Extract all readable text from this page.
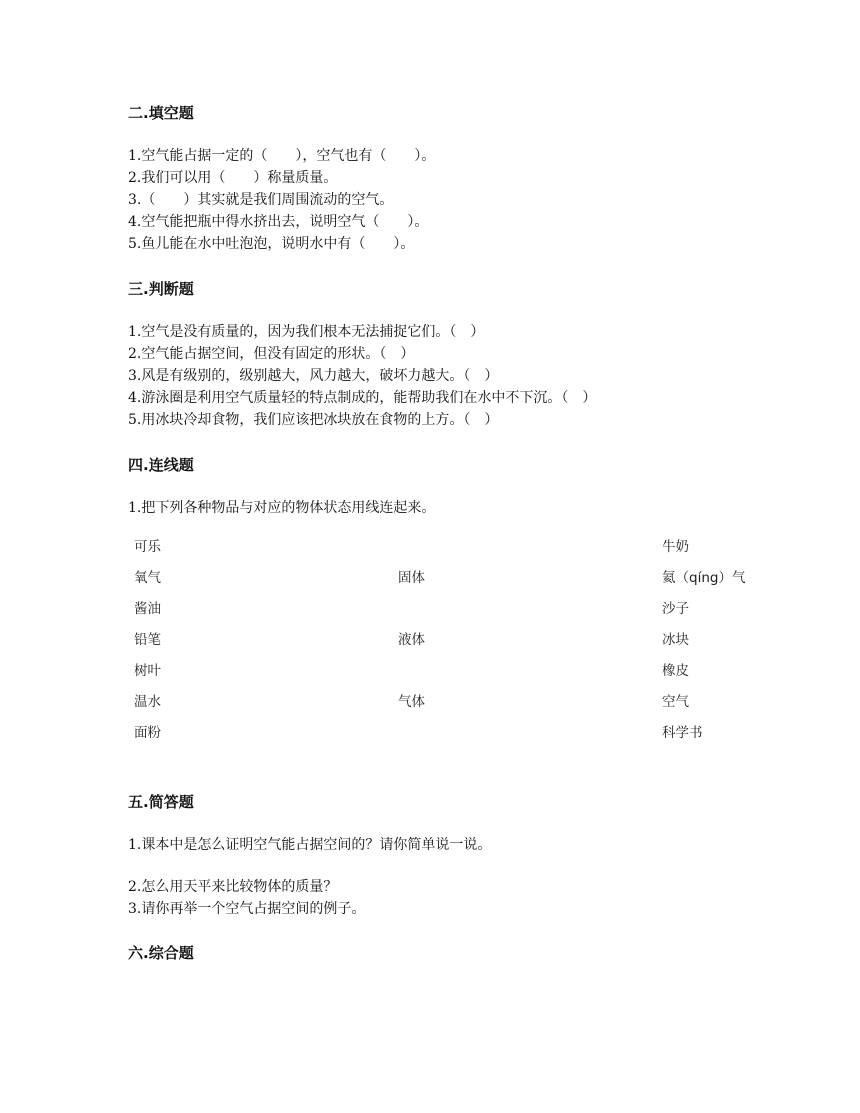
二.填空题
1.空气能占据一定的（　　），空气也有（　　）。
2.我们可以用（　　）称量质量。
3.（　　）其实就是我们周围流动的空气。
4.空气能把瓶中得水挤出去，说明空气（　　）。
5.鱼儿能在水中吐泡泡，说明水中有（　　）。
三.判断题
1.空气是没有质量的，因为我们根本无法捕捉它们。（　）
2.空气能占据空间，但没有固定的形状。（　）
3.风是有级别的，级别越大，风力越大，破坏力越大。（　）
4.游泳圈是利用空气质量轻的特点制成的，能帮助我们在水中不下沉。（　）
5.用冰块冷却食物，我们应该把冰块放在食物的上方。（　）
四.连线题
1.把下列各种物品与对应的物体状态用线连起来。
可乐
氧气
酱油
铅笔
树叶
温水
面粉
固体
液体
气体
牛奶
氦（qíng）气
沙子
冰块
橡皮
空气
科学书
五.简答题
1.课本中是怎么证明空气能占据空间的？请你简单说一说。
2.怎么用天平来比较物体的质量？
3.请你再举一个空气占据空间的例子。
六.综合题
